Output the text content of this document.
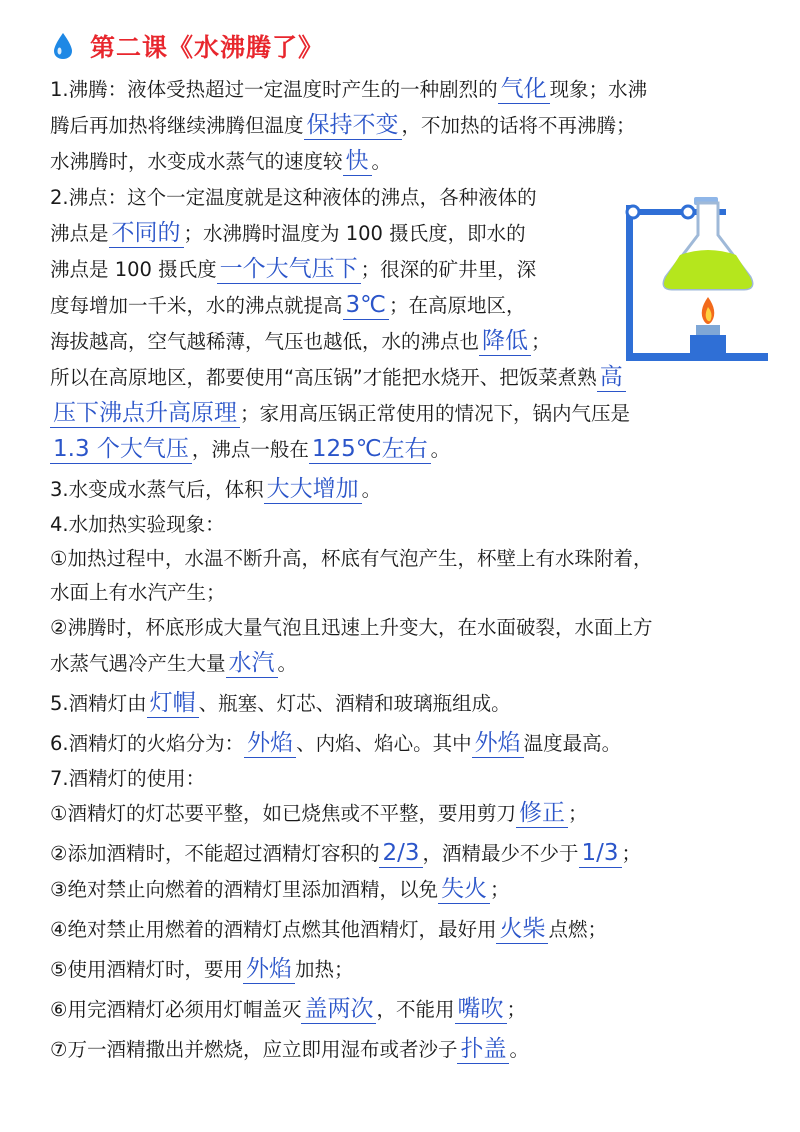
第二课《水沸腾了》
1.沸腾：液体受热超过一定温度时产生的一种剧烈的 气化 现象；水沸
腾后再加热将继续沸腾但温度 保持不变 ，不加热的话将不再沸腾；
水沸腾时，水变成水蒸气的速度较 快 。
2.沸点：这个一定温度就是这种液体的沸点，各种液体的
沸点是 不同的 ；水沸腾时温度为 100 摄氏度，即水的
沸点是 100 摄氏度 一个大气压下 ；很深的矿井里，深
度每增加一千米，水的沸点就提高 3℃ ；在高原地区，
海拔越高，空气越稀薄，气压也越低，水的沸点也 降低 ；
所以在高原地区，都要使用“高压锅”才能把水烧开、把饭菜煮熟 高
压下沸点升高原理 ；家用高压锅正常使用的情况下，锅内气压是
1.3 个大气压 ，沸点一般在 125℃左右 。
3.水变成水蒸气后，体积 大大增加 。
4.水加热实验现象：
①加热过程中，水温不断升高，杯底有气泡产生，杯壁上有水珠附着，
水面上有水汽产生；
②沸腾时，杯底形成大量气泡且迅速上升变大，在水面破裂，水面上方
水蒸气遇冷产生大量 水汽 。
5.酒精灯由 灯帽 、瓶塞、灯芯、酒精和玻璃瓶组成。
6.酒精灯的火焰分为： 外焰 、内焰、焰心。其中 外焰 温度最高。
7.酒精灯的使用：
①酒精灯的灯芯要平整，如已烧焦或不平整，要用剪刀 修正 ；
②添加酒精时，不能超过酒精灯容积的 2/3 ，酒精最少不少于 1/3 ；
③绝对禁止向燃着的酒精灯里添加酒精，以免 失火 ；
④绝对禁止用燃着的酒精灯点燃其他酒精灯，最好用 火柴 点燃；
⑤使用酒精灯时，要用 外焰 加热；
⑥用完酒精灯必须用灯帽盖灭 盖两次 ，不能用 嘴吹 ；
⑦万一酒精撒出并燃烧，应立即用湿布或者沙子 扑盖 。
